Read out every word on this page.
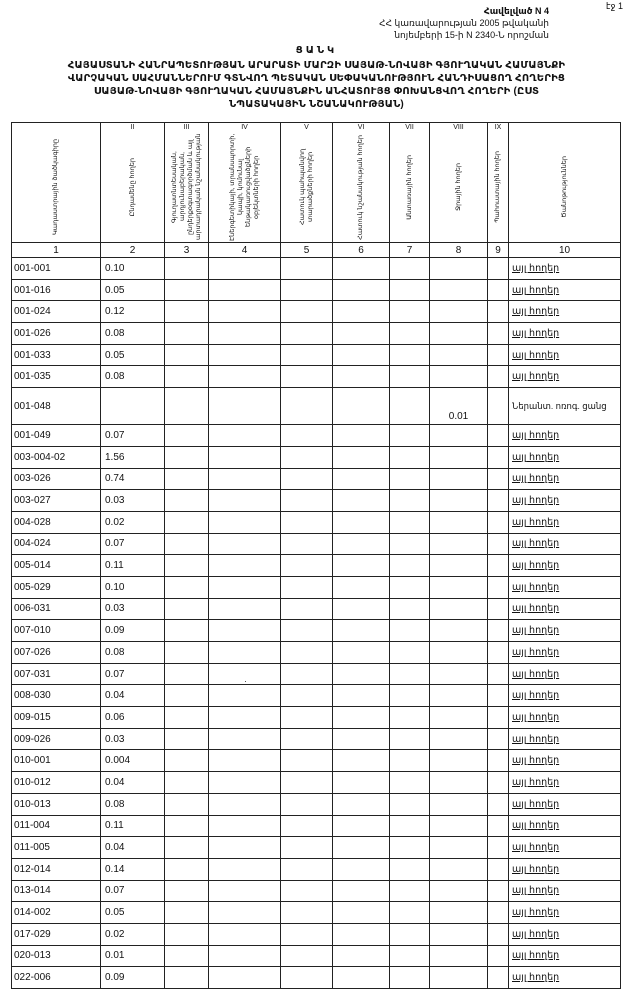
էջ 1
Հավելված N 4
ՀՀ կառավարության 2005 թվականի
նոյեմբերի 15-ի N 2340-Ն որոշման
ՑԱՆԿ
ՀԱՅԱՍՏԱՆԻ ՀԱՆՐԱՊԵՏՈՒԹՅԱՆ ԱՐԱՐԱՏԻ ՄԱՐԶԻ ՍԱՅԱԹ-ՆՈՎԱՅԻ ԳՅՈՒՂԱԿԱՆ ՀԱՄԱՅՆՔԻ
ՎԱՐՉԱԿԱՆ ՍԱՀՄԱՆՆԵՐՈՒՄ ԳՏՆՎՈՂ ՊԵՏԱԿԱՆ ՍԵՓԱԿԱՆՈՒԹՅՈՒՆ ՀԱՆԴԻՍԱՑՈՂ ՀՈՂԵՐԻՑ
ՍԱՅԱԹ-ՆՈՎԱՅԻ ԳՅՈՒՂԱԿԱՆ ՀԱՄԱՅՆՔԻՆ ԱՆՀԱՏՈՒՅՑ ՓՈԽԱՆՑՎՈՂ ՀՈՂԵՐԻ (ԸՍՏ
ՆՊԱՏԱԿԱՅԻՆ ՆՇԱՆԱԿՈՒԹՅԱՆ)
	II	III	IV	V	VI	VII	VIII	IX	

Կադաստրային ծածկագիրը	Ընդամենը հողեր	Գյուղատնտեսական, արդյունաբերական, ընդերքօգտագործման և այլ արտադրական նշանակության	Էներգետիկայի, տրանսպորտի, կապի, կոմունալ ենթակառուցվածքների օբյեկտների հողեր	Հատուկ պահպանվող տարածքների հողեր	Հատուկ նշանակության հողեր	Անտառային հողեր	Ջրային հողեր	Պահուստային հողեր	Ծանոթություններ

1	2	3	4	5	6	7	8	9	10
001-001	0.10								այլ հողեր
001-016	0.05								այլ հողեր
001-024	0.12								այլ հողեր
001-026	0.08								այլ հողեր
001-033	0.05								այլ հողեր
001-035	0.08								այլ հողեր
001-048							0.01		Ներանտ. ոռոգ. ցանց
001-049	0.07								այլ հողեր
003-004-02	1.56								այլ հողեր
003-026	0.74								այլ հողեր
003-027	0.03								այլ հողեր
004-028	0.02								այլ հողեր
004-024	0.07								այլ հողեր
005-014	0.11								այլ հողեր
005-029	0.10								այլ հողեր
006-031	0.03								այլ հողեր
007-010	0.09								այլ հողեր
007-026	0.08								այլ հողեր
007-031	0.07								այլ հողեր
008-030	0.04								այլ հողեր
009-015	0.06								այլ հողեր
009-026	0.03								այլ հողեր
010-001	0.004								այլ հողեր
010-012	0.04								այլ հողեր
010-013	0.08								այլ հողեր
011-004	0.11								այլ հողեր
011-005	0.04								այլ հողեր
012-014	0.14								այլ հողեր
013-014	0.07								այլ հողեր
014-002	0.05								այլ հողեր
017-029	0.02								այլ հողեր
020-013	0.01								այլ հողեր
022-006	0.09								այլ հողեր
·
